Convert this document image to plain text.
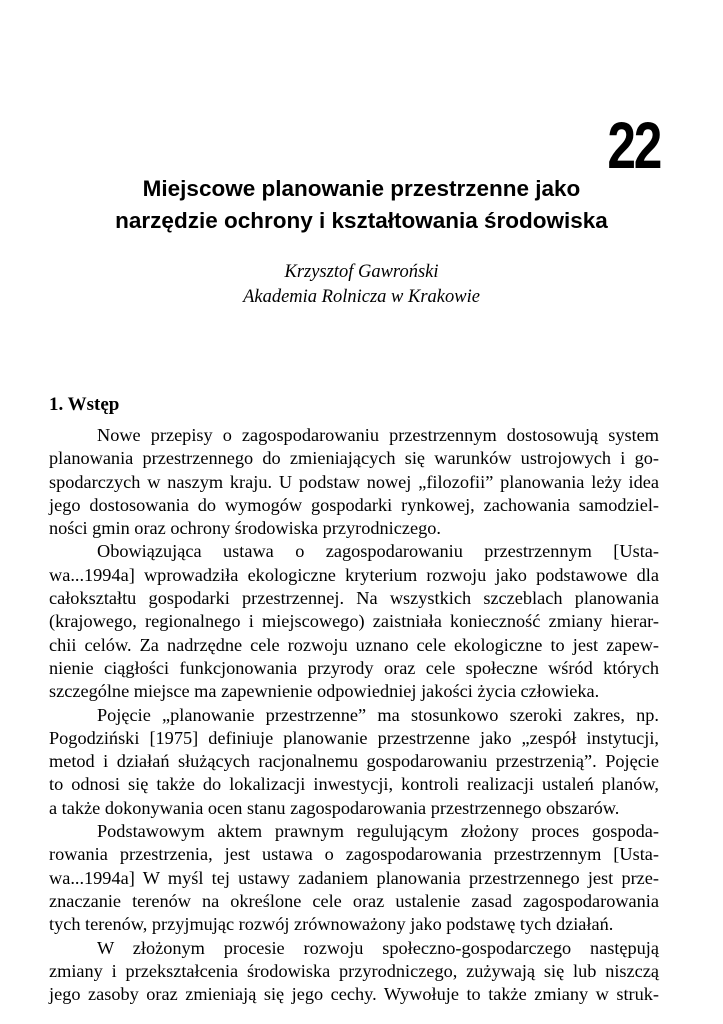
22
Miejscowe planowanie przestrzenne jako
narzędzie ochrony i kształtowania środowiska
Krzysztof Gawroński
Akademia Rolnicza w Krakowie
1. Wstęp

Nowe przepisy o zagospodarowaniu przestrzennym dostosowują system
planowania przestrzennego do zmieniających się warunków ustrojowych i go-
spodarczych w naszym kraju. U podstaw nowej „filozofii” planowania leży idea
jego dostosowania do wymogów gospodarki rynkowej, zachowania samodziel-
ności gmin oraz ochrony środowiska przyrodniczego.

Obowiązująca ustawa o zagospodarowaniu przestrzennym [Usta-
wa...1994a] wprowadziła ekologiczne kryterium rozwoju jako podstawowe dla
całokształtu gospodarki przestrzennej. Na wszystkich szczeblach planowania
(krajowego, regionalnego i miejscowego) zaistniała konieczność zmiany hierar-
chii celów. Za nadrzędne cele rozwoju uznano cele ekologiczne to jest zapew-
nienie ciągłości funkcjonowania przyrody oraz cele społeczne wśród których
szczególne miejsce ma zapewnienie odpowiedniej jakości życia człowieka.

Pojęcie „planowanie przestrzenne” ma stosunkowo szeroki zakres, np.
Pogodziński [1975] definiuje planowanie przestrzenne jako „zespół instytucji,
metod i działań służących racjonalnemu gospodarowaniu przestrzenią”. Pojęcie
to odnosi się także do lokalizacji inwestycji, kontroli realizacji ustaleń planów,
a także dokonywania ocen stanu zagospodarowania przestrzennego obszarów.

Podstawowym aktem prawnym regulującym złożony proces gospoda-
rowania przestrzenia, jest ustawa o zagospodarowania przestrzennym [Usta-
wa...1994a] W myśl tej ustawy zadaniem planowania przestrzennego jest prze-
znaczanie terenów na określone cele oraz ustalenie zasad zagospodarowania
tych terenów, przyjmując rozwój zrównoważony jako podstawę tych działań.

W złożonym procesie rozwoju społeczno-gospodarczego następują
zmiany i przekształcenia środowiska przyrodniczego, zużywają się lub niszczą
jego zasoby oraz zmieniają się jego cechy. Wywołuje to także zmiany w struk-
